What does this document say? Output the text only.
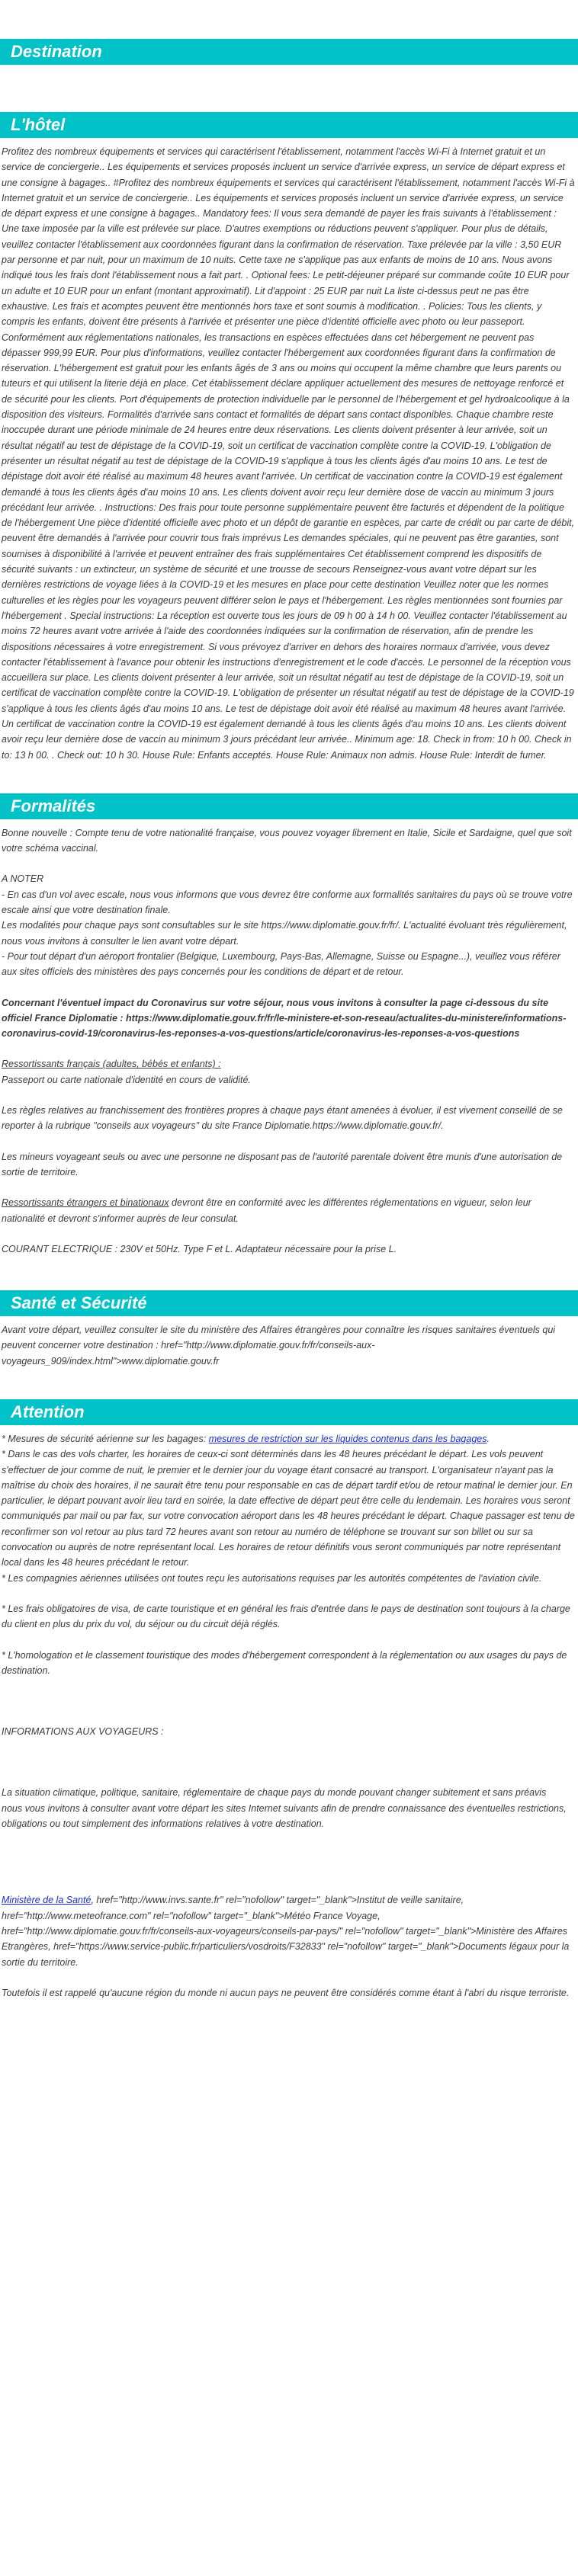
Destination
L'hôtel

Profitez des nombreux équipements et services qui caractérisent l'établissement, notamment l'accès Wi-Fi à Internet gratuit et un service de conciergerie.. Les équipements et services proposés incluent un service d'arrivée express, un service de départ express et une consigne à bagages.. #Profitez des nombreux équipements et services qui caractérisent l'établissement, notamment l'accès Wi-Fi à Internet gratuit et un service de conciergerie.. Les équipements et services proposés incluent un service d'arrivée express, un service de départ express et une consigne à bagages.. Mandatory fees: Il vous sera demandé de payer les frais suivants à l'établissement : Une taxe imposée par la ville est prélevée sur place. D'autres exemptions ou réductions peuvent s'appliquer. Pour plus de détails, veuillez contacter l'établissement aux coordonnées figurant dans la confirmation de réservation. Taxe prélevée par la ville : 3,50 EUR par personne et par nuit, pour un maximum de 10 nuits. Cette taxe ne s'applique pas aux enfants de moins de 10 ans. Nous avons indiqué tous les frais dont l'établissement nous a fait part. . Optional fees: Le petit-déjeuner préparé sur commande coûte 10 EUR pour un adulte et 10 EUR pour un enfant (montant approximatif). Lit d'appoint : 25 EUR par nuit La liste ci-dessus peut ne pas être exhaustive. Les frais et acomptes peuvent être mentionnés hors taxe et sont soumis à modification. . Policies: Tous les clients, y compris les enfants, doivent être présents à l'arrivée et présenter une pièce d'identité officielle avec photo ou leur passeport. Conformément aux réglementations nationales, les transactions en espèces effectuées dans cet hébergement ne peuvent pas dépasser 999,99 EUR. Pour plus d'informations, veuillez contacter l'hébergement aux coordonnées figurant dans la confirmation de réservation. L'hébergement est gratuit pour les enfants âgés de 3 ans ou moins qui occupent la même chambre que leurs parents ou tuteurs et qui utilisent la literie déjà en place. Cet établissement déclare appliquer actuellement des mesures de nettoyage renforcé et de sécurité pour les clients. Port d'équipements de protection individuelle par le personnel de l'hébergement et gel hydroalcoolique à la disposition des visiteurs. Formalités d'arrivée sans contact et formalités de départ sans contact disponibles. Chaque chambre reste inoccupée durant une période minimale de 24 heures entre deux réservations. Les clients doivent présenter à leur arrivée, soit un résultat négatif au test de dépistage de la COVID-19, soit un certificat de vaccination complète contre la COVID-19. L'obligation de présenter un résultat négatif au test de dépistage de la COVID-19 s'applique à tous les clients âgés d'au moins 10 ans. Le test de dépistage doit avoir été réalisé au maximum 48 heures avant l'arrivée. Un certificat de vaccination contre la COVID-19 est également demandé à tous les clients âgés d'au moins 10 ans. Les clients doivent avoir reçu leur dernière dose de vaccin au minimum 3 jours précédant leur arrivée. . Instructions: Des frais pour toute personne supplémentaire peuvent être facturés et dépendent de la politique de l'hébergement Une pièce d'identité officielle avec photo et un dépôt de garantie en espèces, par carte de crédit ou par carte de débit, peuvent être demandés à l'arrivée pour couvrir tous frais imprévus Les demandes spéciales, qui ne peuvent pas être garanties, sont soumises à disponibilité à l'arrivée et peuvent entraîner des frais supplémentaires Cet établissement comprend les dispositifs de sécurité suivants : un extincteur, un système de sécurité et une trousse de secours Renseignez-vous avant votre départ sur les dernières restrictions de voyage liées à la COVID-19 et les mesures en place pour cette destination Veuillez noter que les normes culturelles et les règles pour les voyageurs peuvent différer selon le pays et l'hébergement. Les règles mentionnées sont fournies par l'hébergement . Special instructions: La réception est ouverte tous les jours de 09 h 00 à 14 h 00. Veuillez contacter l'établissement au moins 72 heures avant votre arrivée à l'aide des coordonnées indiquées sur la confirmation de réservation, afin de prendre les dispositions nécessaires à votre enregistrement. Si vous prévoyez d'arriver en dehors des horaires normaux d'arrivée, vous devez contacter l'établissement à l'avance pour obtenir les instructions d'enregistrement et le code d'accès. Le personnel de la réception vous accueillera sur place. Les clients doivent présenter à leur arrivée, soit un résultat négatif au test de dépistage de la COVID-19, soit un certificat de vaccination complète contre la COVID-19. L'obligation de présenter un résultat négatif au test de dépistage de la COVID-19 s'applique à tous les clients âgés d'au moins 10 ans. Le test de dépistage doit avoir été réalisé au maximum 48 heures avant l'arrivée. Un certificat de vaccination contre la COVID-19 est également demandé à tous les clients âgés d'au moins 10 ans. Les clients doivent avoir reçu leur dernière dose de vaccin au minimum 3 jours précédant leur arrivée.. Minimum age: 18. Check in from: 10 h 00. Check in to: 13 h 00. . Check out: 10 h 30. House Rule: Enfants acceptés. House Rule: Animaux non admis. House Rule: Interdit de fumer.

Formalités

Bonne nouvelle : Compte tenu de votre nationalité française, vous pouvez voyager librement en Italie, Sicile et Sardaigne, quel que soit votre schéma vaccinal.

A NOTER

- En cas d'un vol avec escale, nous vous informons que vous devrez être conforme aux formalités sanitaires du pays où se trouve votre escale ainsi que votre destination finale.

Les modalités pour chaque pays sont consultables sur le site https://www.diplomatie.gouv.fr/fr/. L'actualité évoluant très régulièrement, nous vous invitons à consulter le lien avant votre départ.

- Pour tout départ d'un aéroport frontalier (Belgique, Luxembourg, Pays-Bas, Allemagne, Suisse ou Espagne...), veuillez vous référer aux sites officiels des ministères des pays concernés pour les conditions de départ et de retour.

Concernant l'éventuel impact du Coronavirus sur votre séjour, nous vous invitons à consulter la page ci-dessous du site officiel France Diplomatie : https://www.diplomatie.gouv.fr/fr/le-ministere-et-son-reseau/actualites-du-ministere/informations-coronavirus-covid-19/coronavirus-les-reponses-a-vos-questions/article/coronavirus-les-reponses-a-vos-questions

Ressortissants français (adultes, bébés et enfants) :

Passeport ou carte nationale d'identité en cours de validité.

Les règles relatives au franchissement des frontières propres à chaque pays étant amenées à évoluer, il est vivement conseillé de se reporter à la rubrique "conseils aux voyageurs" du site France Diplomatie.https://www.diplomatie.gouv.fr/.

Les mineurs voyageant seuls ou avec une personne ne disposant pas de l'autorité parentale doivent être munis d'une autorisation de sortie de territoire.

Ressortissants étrangers et binationaux devront être en conformité avec les différentes réglementations en vigueur, selon leur nationalité et devront s'informer auprès de leur consulat.

COURANT ELECTRIQUE : 230V et 50Hz. Type F et L. Adaptateur nécessaire pour la prise L.

Santé et Sécurité

Avant votre départ, veuillez consulter le site du ministère des Affaires étrangères pour connaître les risques sanitaires éventuels qui peuvent concerner votre destination : href="http://www.diplomatie.gouv.fr/fr/conseils-aux-voyageurs_909/index.html">www.diplomatie.gouv.fr

Attention

* Mesures de sécurité aérienne sur les bagages: mesures de restriction sur les liquides contenus dans les bagages.

* Dans le cas des vols charter, les horaires de ceux-ci sont déterminés dans les 48 heures précédant le départ. Les vols peuvent s'effectuer de jour comme de nuit, le premier et le dernier jour du voyage étant consacré au transport. L'organisateur n'ayant pas la maîtrise du choix des horaires, il ne saurait être tenu pour responsable en cas de départ tardif et/ou de retour matinal le dernier jour. En particulier, le départ pouvant avoir lieu tard en soirée, la date effective de départ peut être celle du lendemain. Les horaires vous seront communiqués par mail ou par fax, sur votre convocation aéroport dans les 48 heures précédant le départ. Chaque passager est tenu de reconfirmer son vol retour au plus tard 72 heures avant son retour au numéro de téléphone se trouvant sur son billet ou sur sa convocation ou auprès de notre représentant local. Les horaires de retour définitifs vous seront communiqués par notre représentant local dans les 48 heures précédant le retour.

* Les compagnies aériennes utilisées ont toutes reçu les autorisations requises par les autorités compétentes de l'aviation civile.

* Les frais obligatoires de visa, de carte touristique et en général les frais d'entrée dans le pays de destination sont toujours à la charge du client en plus du prix du vol, du séjour ou du circuit déjà réglés.

* L'homologation et le classement touristique des modes d'hébergement correspondent à la réglementation ou aux usages du pays de destination.

INFORMATIONS AUX VOYAGEURS :

La situation climatique, politique, sanitaire, réglementaire de chaque pays du monde pouvant changer subitement et sans préavis

nous vous invitons à consulter avant votre départ les sites Internet suivants afin de prendre connaissance des éventuelles restrictions, obligations ou tout simplement des informations relatives à votre destination.

Ministère de la Santé, href="http://www.invs.sante.fr" rel="nofollow" target="_blank">Institut de veille sanitaire, href="http://www.meteofrance.com" rel="nofollow" target="_blank">Météo France Voyage, href="http://www.diplomatie.gouv.fr/fr/conseils-aux-voyageurs/conseils-par-pays/" rel="nofollow" target="_blank">Ministère des Affaires Etrangères, href="https://www.service-public.fr/particuliers/vosdroits/F32833" rel="nofollow" target="_blank">Documents légaux pour la sortie du territoire.

Toutefois il est rappelé qu'aucune région du monde ni aucun pays ne peuvent être considérés comme étant à l'abri du risque terroriste.
